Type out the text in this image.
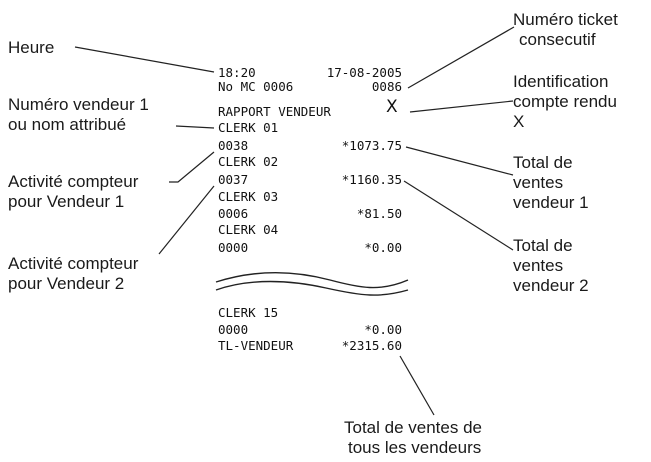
Heure
Numéro ticket
consecutif
Numéro vendeur 1
ou nom attribué
Identification
compte rendu
X
Activité compteur
pour Vendeur 1
Total de
ventes
vendeur 1
Activité compteur
pour Vendeur 2
Total de
ventes
vendeur 2
Total de ventes de
tous les vendeurs
18:20	17-08-2005
No MC 0006	0086
RAPPORT VENDEUR	X
CLERK 01
0038	*1073.75
CLERK 02
0037	*1160.35
CLERK 03
0006	*81.50
CLERK 04
0000	*0.00
CLERK 15
0000	*0.00
TL-VENDEUR	*2315.60
